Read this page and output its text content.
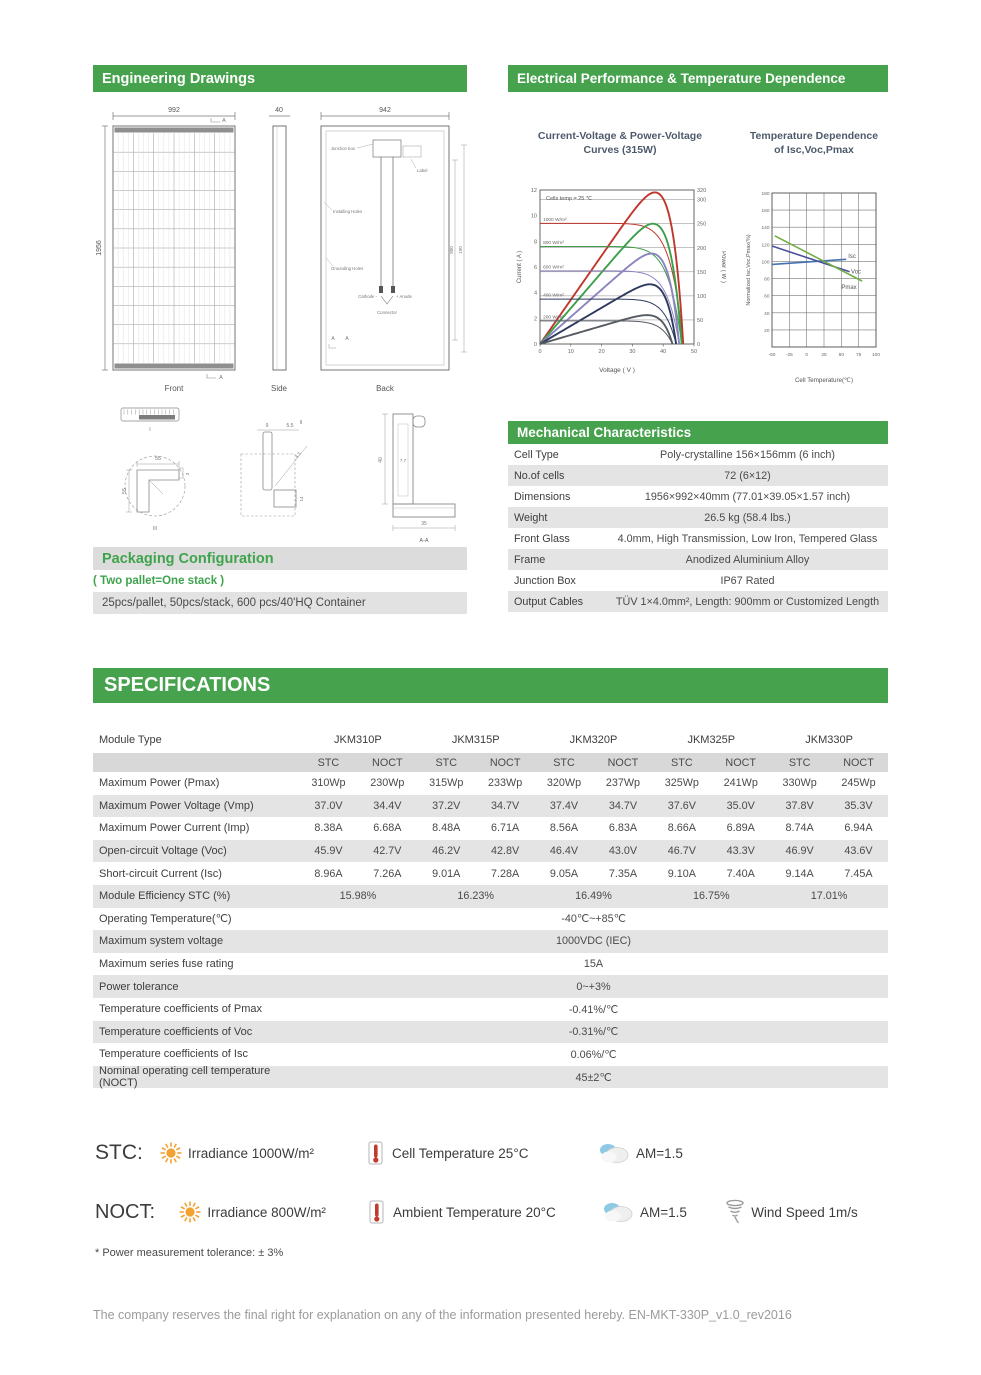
Engineering Drawings
992
A
1956
A
Front
40
Side
942
Junction box
Label
Installing Holes
Grounding Holes
Cathode -	+ Anode
Connector
800 190
A A
Back
I
55
55
3
III
9	5.5
4.3
14
II
40	7.7
35
A-A
Packaging Configuration
( Two pallet=One stack )
25pcs/pallet, 50pcs/stack, 600 pcs/40'HQ Container
Electrical Performance & Temperature Dependence
Current-Voltage & Power-Voltage
Curves (315W)
Temperature Dependence
of Isc,Voc,Pmax
0
2
4
6
8
10
12
0
50
100
150
200
250
300
320
0	10	20	30	40	50
Voltage ( V )
Current ( A )	Power ( W )
Cells temp = 25 ℃
1000 W/m²
800 W/m²
600 W/m²
400 W/m²
200 W/m²
-50 -25	0	25 50 75 100
20
40
60
80
100
120
140
160
180
Cell Temperature(℃)
Normalized Isc,Voc,Pmax(%)	Isc
Voc
Pmax
Mechanical Characteristics
Cell Type	Poly-crystalline 156×156mm (6 inch)
No.of cells	72 (6×12)
Dimensions	1956×992×40mm (77.01×39.05×1.57 inch)
Weight	26.5 kg (58.4 lbs.)
Front Glass	4.0mm, High Transmission, Low Iron, Tempered Glass
Frame	Anodized Aluminium Alloy
Junction Box	IP67 Rated
Output Cables	TÜV 1×4.0mm², Length: 900mm or Customized Length
SPECIFICATIONS
Module Type	JKM310P	JKM315P	JKM320P	JKM325P	JKM330P
STC	NOCT	STC	NOCT	STC	NOCT	STC	NOCT	STC	NOCT
Maximum Power (Pmax)	310Wp	230Wp	315Wp	233Wp	320Wp	237Wp	325Wp	241Wp	330Wp	245Wp
Maximum Power Voltage (Vmp)	37.0V	34.4V	37.2V	34.7V	37.4V	34.7V	37.6V	35.0V	37.8V	35.3V
Maximum Power Current (Imp)	8.38A	6.68A	8.48A	6.71A	8.56A	6.83A	8.66A	6.89A	8.74A	6.94A
Open-circuit Voltage (Voc)	45.9V	42.7V	46.2V	42.8V	46.4V	43.0V	46.7V	43.3V	46.9V	43.6V
Short-circuit Current (Isc)	8.96A	7.26A	9.01A	7.28A	9.05A	7.35A	9.10A	7.40A	9.14A	7.45A
Module Efficiency STC (%)	15.98%	16.23%	16.49%	16.75%	17.01%
Operating Temperature(℃)	-40℃~+85℃
Maximum system voltage	1000VDC (IEC)
Maximum series fuse rating	15A
Power tolerance	0~+3%
Temperature coefficients of Pmax	-0.41%/℃
Temperature coefficients of Voc	-0.31%/℃
Temperature coefficients of Isc	0.06%/℃
Nominal operating cell temperature (NOCT)	45±2℃
STC:	Irradiance 1000W/m²	Cell Temperature 25°C	AM=1.5
NOCT:	Irradiance 800W/m²	Ambient Temperature 20°C	AM=1.5	Wind Speed 1m/s
* Power measurement tolerance: ± 3%
The company reserves the final right for explanation on any of the information presented hereby. EN-MKT-330P_v1.0_rev2016
